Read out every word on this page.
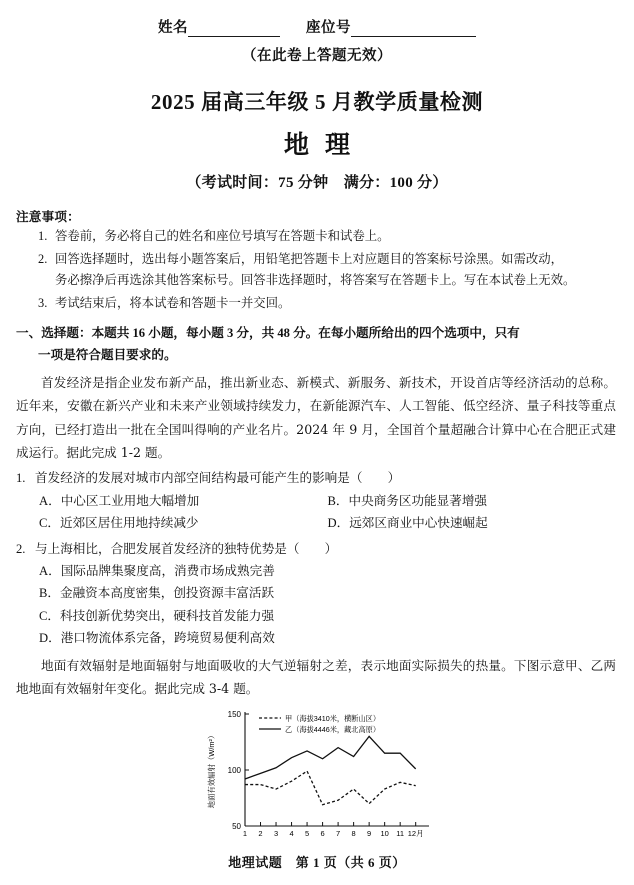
姓名	座位号
（在此卷上答题无效）
2025 届高三年级 5 月教学质量检测
地理
（考试时间：75 分钟　满分：100 分）
注意事项：
1. 答卷前，务必将自己的姓名和座位号填写在答题卡和试卷上。
2. 回答选择题时，选出每小题答案后，用铅笔把答题卡上对应题目的答案标号涂黑。如需改动，
务必擦净后再选涂其他答案标号。回答非选择题时，将答案写在答题卡上。写在本试卷上无效。
3. 考试结束后，将本试卷和答题卡一并交回。
一、选择题：本题共 16 小题，每小题 3 分，共 48 分。在每小题所给出的四个选项中，只有
一项是符合题目要求的。
首发经济是指企业发布新产品，推出新业态、新模式、新服务、新技术，开设首店等经济活动的总称。近年来，安徽在新兴产业和未来产业领域持续发力，在新能源汽车、人工智能、低空经济、量子科技等重点方向，已经打造出一批在全国叫得响的产业名片。2024 年 9 月，全国首个量超融合计算中心在合肥正式建成运行。据此完成 1-2 题。
1. 首发经济的发展对城市内部空间结构最可能产生的影响是（　　）
A．中心区工业用地大幅增加	B．中央商务区功能显著增强
C．近郊区居住用地持续减少	D．远郊区商业中心快速崛起
2. 与上海相比，合肥发展首发经济的独特优势是（　　）
A．国际品牌集聚度高，消费市场成熟完善
B．金融资本高度密集，创投资源丰富活跃
C．科技创新优势突出，硬科技首发能力强
D．港口物流体系完备，跨境贸易便利高效
地面有效辐射是地面辐射与地面吸收的大气逆辐射之差，表示地面实际损失的热量。下图示意甲、乙两地地面有效辐射年变化。据此完成 3-4 题。
50
100
150
1 2 3 4 5 6 7 8 9 10 11 12月
甲（海拔3410米，横断山区）
乙（海拔4446米，藏北高原）
地面有效辐射（W/m²）
地理试题　第 1 页（共 6 页）
